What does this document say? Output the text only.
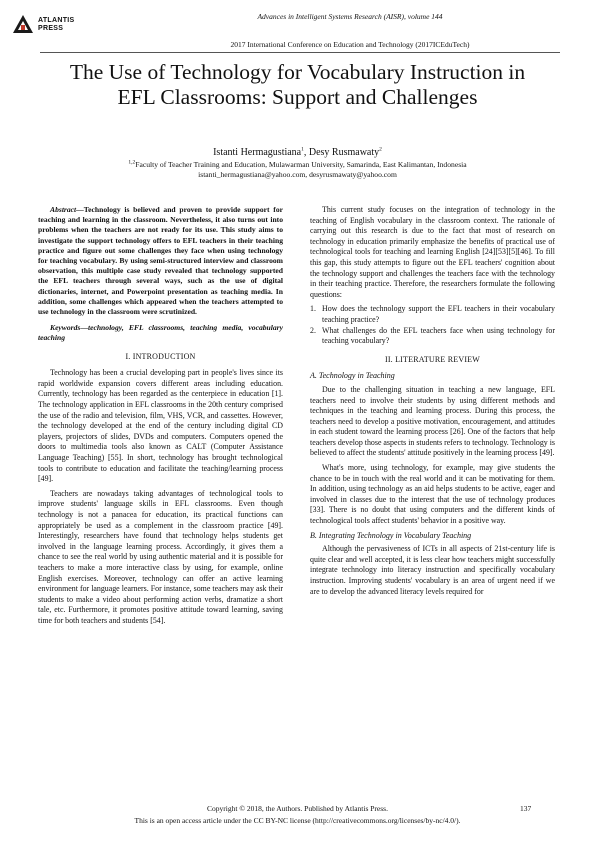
ATLANTIS
PRESS
Advances in Intelligent Systems Research (AISR), volume 144
2017 International Conference on Education and Technology (2017ICEduTech)
The Use of Technology for Vocabulary Instruction in
EFL Classrooms: Support and Challenges
Istanti Hermagustiana$^1$, Desy Rusmawaty$^2$
$^{1,2}$Faculty of Teacher Training and Education, Mulawarman University, Samarinda, East Kalimantan, Indonesia
istanti_hermagustiana@yahoo.com, desyrusmawaty@yahoo.com

Abstract—Technology is believed and proven to provide support for teaching and learning in the classroom. Nevertheless, it also turns out into problems when the teachers are not ready for its use. This study aims to investigate the support technology offers to EFL teachers in their teaching practice and figure out some challenges they face when using technology for teaching vocabulary. By using semi-structured interview and classroom observation, this multiple case study revealed that technology supported the EFL teachers through several ways, such as the use of digital dictionaries, internet, and Powerpoint presentation as teaching media. In addition, some challenges which appeared when the teachers attempted to use technology in the classroom were scrutinized.

Keywords—technology, EFL classrooms, teaching media, vocabulary teaching

I. INTRODUCTION

Technology has been a crucial developing part in people's lives since its rapid worldwide expansion covers different areas including education. Currently, technology has been regarded as the centerpiece in education [1]. The technology application in EFL classrooms in the 20th century comprised the use of the radio and television, film, VHS, VCR, and cassettes. However, the technology developed at the end of the century including digital CD players, projectors of slides, DVDs and computers. Computers opened the doors to multimedia tools also known as CALT (Computer Assistance Language Teaching) [55]. In short, technology has brought technological tools to contribute to education and facilitate the teaching/learning process [49].

Teachers are nowadays taking advantages of technological tools to improve students' language skills in EFL classrooms. Even though technology is not a panacea for education, its practical functions can appropriately be used as a complement in the classroom practice [49]. Interestingly, researchers have found that technology helps students get involved in the language learning process. Accordingly, it gives them a chance to see the real world by using authentic material and it is possible for teachers to make a more interactive class by using, for example, online English exercises. Moreover, technology can offer an active learning environment for language learners. For instance, some teachers may ask their students to make a video about performing action verbs, dramatize a short tale, etc. Furthermore, it promotes positive attitude toward learning, saving time for both teachers and students [54].

This current study focuses on the integration of technology in the teaching of English vocabulary in the classroom context. The rationale of carrying out this research is due to the fact that most of research on technology in education primarily emphasize the benefits of practical use of technological tools for teaching and learning English [24][53][5][46]. To fill this gap, this study attempts to figure out the EFL teachers' cognition about the technology support and challenges the teachers face with the technology in their teaching practice. Therefore, the researchers formulate the following questions:

1. How does the technology support the EFL teachers in their vocabulary teaching practice?
2. What challenges do the EFL teachers face when using technology for teaching vocabulary?
II. LITERATURE REVIEW
A. Technology in Teaching

Due to the challenging situation in teaching a new language, EFL teachers need to involve their students by using different methods and techniques in the teaching and learning process. During this process, the teachers need to develop a positive motivation, encouragement, and attitudes in each student toward the learning process [26]. One of the factors that help teachers develop those aspects in students refers to technology. Technology is believed to affect the students' attitude positively in the learning process [49].

What's more, using technology, for example, may give students the chance to be in touch with the real world and it can be motivating for them. In addition, using technology as an aid helps students to be active, eager and involved in classes due to the interest that the use of technology produces [33]. There is no doubt that using computers and the different kinds of technological tools affect students' behavior in a positive way.

B. Integrating Technology in Vocabulary Teaching

Although the pervasiveness of ICTs in all aspects of 21st-century life is quite clear and well accepted, it is less clear how teachers might successfully integrate technology into literacy instruction and specifically vocabulary instruction. Improving students' vocabulary is an area of urgent need if we are to develop the advanced literacy levels required for

Copyright © 2018, the Authors. Published by Atlantis Press.	137
This is an open access article under the CC BY-NC license (http://creativecommons.org/licenses/by-nc/4.0/).
